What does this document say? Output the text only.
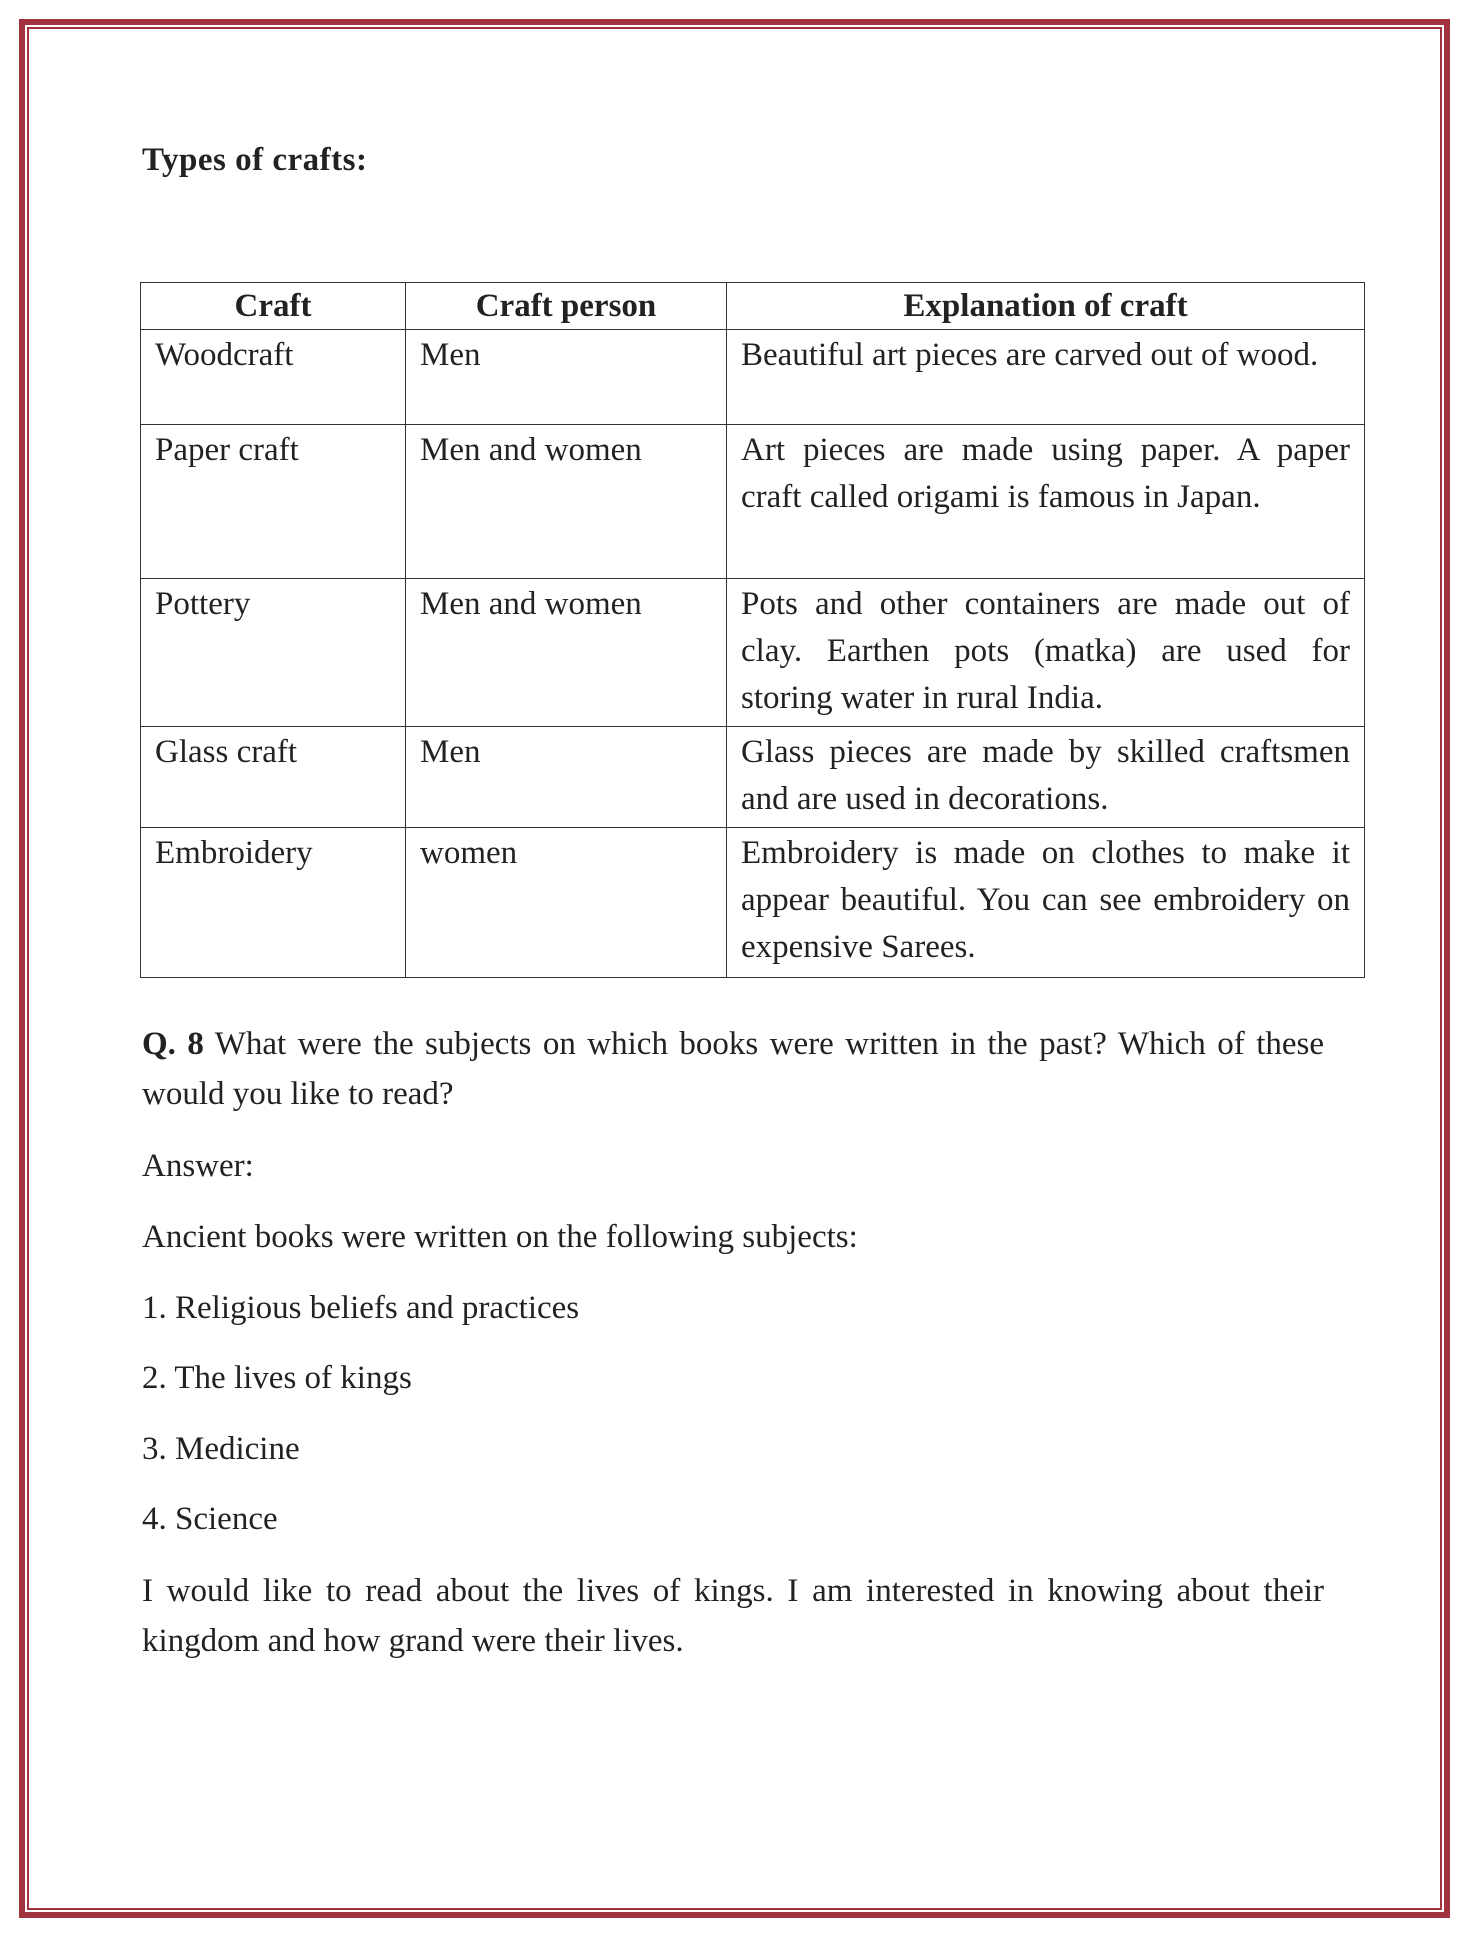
Types of crafts:
Craft	Craft person	Explanation of craft
Woodcraft	Men	Beautiful art pieces are carved out of wood.
Paper craft	Men and women	Art pieces are made using paper. A paper craft called origami is famous in Japan.
Pottery	Men and women	Pots and other containers are made out of clay. Earthen pots (matka) are used for storing water in rural India.
Glass craft	Men	Glass pieces are made by skilled craftsmen and are used in decorations.
Embroidery	women	Embroidery is made on clothes to make it appear beautiful. You can see embroidery on expensive Sarees.
Q. 8 What were the subjects on which books were written in the past? Which of these would you like to read?
Answer:
Ancient books were written on the following subjects:
1. Religious beliefs and practices
2. The lives of kings
3. Medicine
4. Science
I would like to read about the lives of kings. I am interested in knowing about their kingdom and how grand were their lives.
